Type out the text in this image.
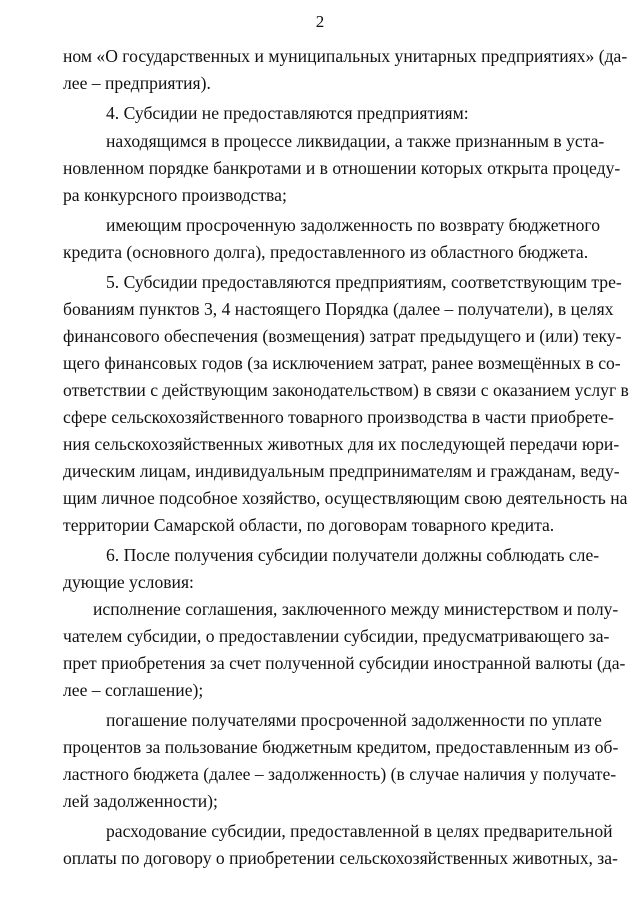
2
ном «О государственных и муниципальных унитарных предприятиях» (да-
лее – предприятия).
4. Субсидии не предоставляются предприятиям:
находящимся в процессе ликвидации, а также признанным в уста-
новленном порядке банкротами и в отношении которых открыта процеду-
ра конкурсного производства;
имеющим просроченную задолженность по возврату бюджетного
кредита (основного долга), предоставленного из областного бюджета.
5. Субсидии предоставляются предприятиям, соответствующим тре-
бованиям пунктов 3, 4 настоящего Порядка (далее – получатели), в целях
финансового обеспечения (возмещения) затрат предыдущего и (или) теку-
щего финансовых годов (за исключением затрат, ранее возмещённых в со-
ответствии с действующим законодательством) в связи с оказанием услуг в
сфере сельскохозяйственного товарного производства в части приобрете-
ния сельскохозяйственных животных для их последующей передачи юри-
дическим лицам, индивидуальным предпринимателям и гражданам, веду-
щим личное подсобное хозяйство, осуществляющим свою деятельность на
территории Самарской области, по договорам товарного кредита.
6. После получения субсидии получатели должны соблюдать сле-
дующие условия:
исполнение соглашения, заключенного между министерством и полу-
чателем субсидии, о предоставлении субсидии, предусматривающего за-
прет приобретения за счет полученной субсидии иностранной валюты (да-
лее – соглашение);
погашение получателями просроченной задолженности по уплате
процентов за пользование бюджетным кредитом, предоставленным из об-
ластного бюджета (далее – задолженность) (в случае наличия у получате-
лей задолженности);
расходование субсидии, предоставленной в целях предварительной
оплаты по договору о приобретении сельскохозяйственных животных, за-
